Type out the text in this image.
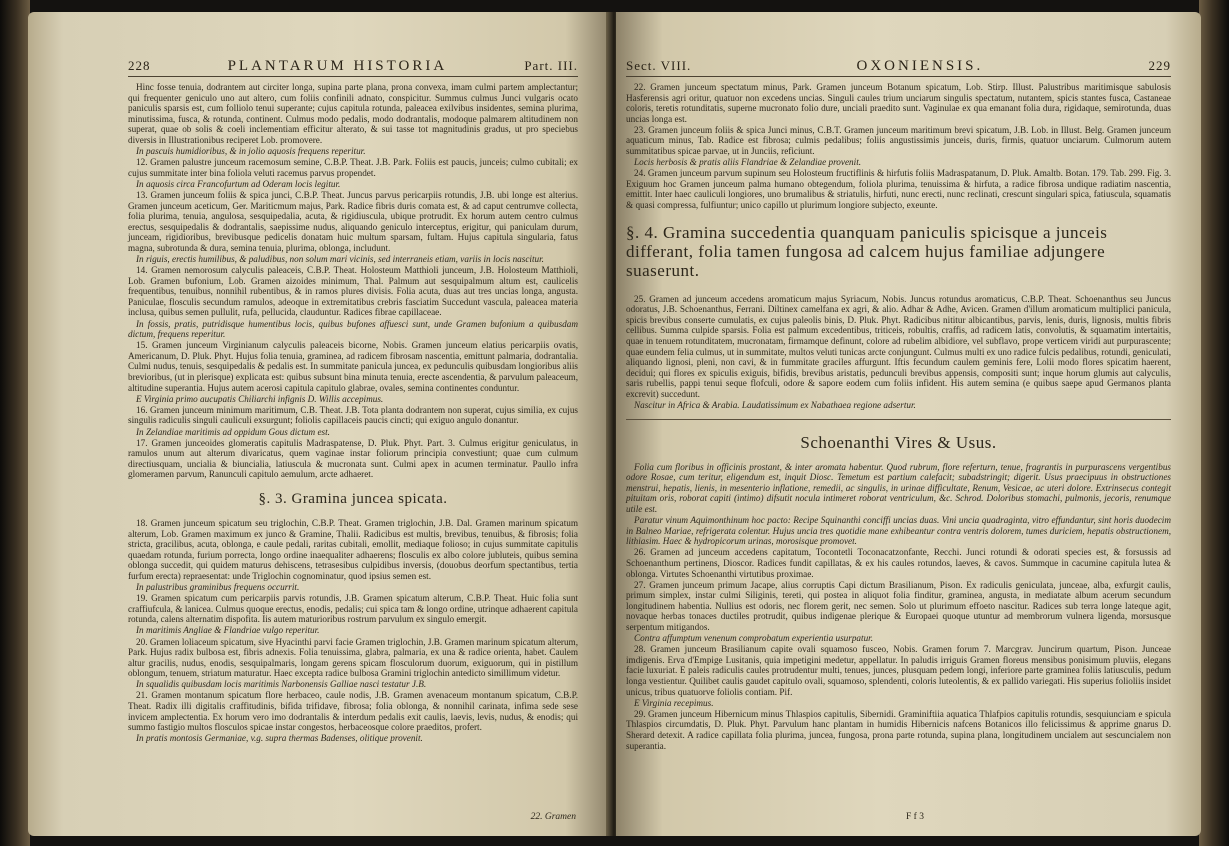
228	PLANTARUM HISTORIA	Part. III.

Hinc fosse tenuia, dodrantem aut circiter longa, supina parte plana, prona convexa, imam culmi partem amplectantur; qui frequenter geniculo uno aut altero, cum foliis confinili adnato, conspicitur. Summus culmus Junci vulgaris ocato paniculis sparsis est, cum folliolo tenui superante; cujus capitula rotunda, paleacea exilvibus insidentes, semina plurima, minutissima, fusca, & rotunda, continent. Culmus modo pedalis, modo dodrantalis, modoque palmarem altitudinem non superat, quae ob solis & coeli inclementiam efficitur alterato, & sui tasse tot magnitudinis gradus, ut pro speciebus diversis in Illustrationibus reciperet Lob. promovere.

In pascuis humidioribus, & in jolio aquosis frequens reperitur.

12. Gramen palustre junceum racemosum semine, C.B.P. Theat. J.B. Park. Foliis est paucis, junceis; culmo cubitali; ex cujus summitate inter bina foliola veluti racemus parvus propendet.

In aquosis circa Francofurtum ad Oderam locis legitur.

13. Gramen junceum foliis & spica junci, C.B.P. Theat. Juncus parvus pericarpiis rotundis, J.B. ubi longe est alterius. Gramen junceum aceticum, Ger. Mariticmum majus, Park. Radice fibris duris comata est, & ad caput centrumve collecta, folia plurima, tenuia, angulosa, sesquipedalia, acuta, & rigidiuscula, ubique protrudit. Ex horum autem centro culmus erectus, sesquipedalis & dodrantalis, saepissime nudus, aliquando geniculo interceptus, erigitur, qui paniculam durum, junceam, rigidioribus, brevibusque pedicelis donatam huic multum sparsam, fultam. Hujus capitula singularia, fatus magna, subrotunda & dura, semina tenuia, plurima, oblonga, includunt.

In riguis, erectis humilibus, & paludibus, non solum mari vicinis, sed interraneis etiam, variis in locis nascitur.

14. Gramen nemorosum calyculis paleaceis, C.B.P. Theat. Holosteum Matthioli junceum, J.B. Holosteum Matthioli, Lob. Gramen bufonium, Lob. Gramen aizoides minimum, Thal. Palmum aut sesquipalmum altum est, caulicelis frequentibus, tenuibus, nonnihil rubentibus, & in ramos plures divisis. Folia acuta, duas aut tres uncias longa, angusta. Paniculae, flosculis secundum ramulos, adeoque in extremitatibus crebris fasciatim Succedunt vascula, paleacea materia inclusa, quibus semen pullulit, rufa, pellucida, clauduntur. Radices fibrae capillaceae.

In fossis, pratis, putridisque humentibus locis, quibus bufones affuesci sunt, unde Gramen bufonium a quibusdam dictum, frequens reperitur.

15. Gramen junceum Virginianum calyculis paleaceis bicorne, Nobis. Gramen junceum elatius pericarpiis ovatis, Americanum, D. Pluk. Phyt. Hujus folia tenuia, graminea, ad radicem fibrosam nascentia, emittunt palmaria, dodrantalia. Culmi nudus, tenuis, sesquipedalis & pedalis est. In summitate panicula juncea, ex pedunculis quibusdam longioribus aliis brevioribus, (ut in plerisque) explicata est: quibus subsunt bina minuta tenuia, erecte ascendentia, & parvulum paleaceum, altitudine superantia. Hujus autem acerosi capitula capitulo glabrae, ovales, semina continentes conduntur.

E Virginia primo aucupatis Chiliarchi infignis D. Willis accepimus.

16. Gramen junceum minimum maritimum, C.B. Theat. J.B. Tota planta dodrantem non superat, cujus similia, ex cujus singulis radiculis singuli cauliculi exsurgunt; foliolis capillaceis paucis cincti; qui exiguo angulo donantur.

In Zelandiae maritimis ad oppidum Gous dictum est.

17. Gramen junceoides glomeratis capitulis Madraspatense, D. Pluk. Phyt. Part. 3. Culmus erigitur geniculatus, in ramulos unum aut alterum divaricatus, quem vaginae instar foliorum principia convestiunt; quae cum culmum directiusquam, uncialia & biuncialia, latiuscula & mucronata sunt. Culmi apex in acumen terminatur. Paullo infra glomeramen parvum, Ranunculi capitulo aemulum, arcte adhaeret.

§. 3. Gramina juncea spicata.

18. Gramen junceum spicatum seu triglochin, C.B.P. Theat. Gramen triglochin, J.B. Dal. Gramen marinum spicatum alterum, Lob. Gramen maximum ex junco & Gramine, Thalii. Radicibus est multis, brevibus, tenuibus, & fibrosis; folia stricta, gracilibus, acuta, oblonga, e caule pedali, raritas cubitali, emollit, mediaque folioso; in cujus summitate capitulis quaedam rotunda, furium porrecta, longo ordine inaequaliter adhaerens; flosculis ex albo colore jubluteis, quibus semina oblonga succedit, qui quidem maturus dehiscens, tetrasesibus culpidibus inversis, (douobus deorfum spectantibus, tertia furfum erecta) repraesentat: unde Triglochin cognominatur, quod ipsius semen est.

In palustribus graminibus frequens occurrit.

19. Gramen spicatum cum pericarpiis parvis rotundis, J.B. Gramen spicatum alterum, C.B.P. Theat. Huic folia sunt craffiufcula, & lanicea. Culmus quoque erectus, enodis, pedalis; cui spica tam & longo ordine, utrinque adhaerent capitula rotunda, calens alternatim dispofita. Iis autem maturioribus rostrum parvulum ex singulo emergit.

In maritimis Angliae & Flandriae vulgo reperitur.

20. Gramen loliaceum spicatum, sive Hyacinthi parvi facie Gramen triglochin, J.B. Gramen marinum spicatum alterum, Park. Hujus radix bulbosa est, fibris adnexis. Folia tenuissima, glabra, palmaria, ex una & radice orienta, habet. Caulem altur gracilis, nudus, enodis, sesquipalmaris, longam gerens spicam flosculorum duorum, exiguorum, qui in pistillum oblongum, tenuem, striatum maturatur. Haec excepta radice bulbosa Gramini triglochin antedicto simillimum videtur.

In squalidis quibusdam locis maritimis Narbonensis Galliae nasci testatur J.B.

21. Gramen montanum spicatum flore herbaceo, caule nodis, J.B. Gramen avenaceum montanum spicatum, C.B.P. Theat. Radix illi digitalis craffitudinis, bifida trifidave, fibrosa; folia oblonga, & nonnihil carinata, infima sede sese invicem amplectentia. Ex horum vero imo dodrantalis & interdum pedalis exit caulis, laevis, levis, nudus, & enodis; qui summo fastigio multos flosculos spicae instar congestos, herbaceosque colore praeditos, profert.

In pratis montosis Germaniae, v.g. supra thermas Badenses, olitique provenit.

22. Gramen
Sect. VIII.	OXONIENSIS.	229

22. Gramen junceum spectatum minus, Park. Gramen junceum Botanum spicatum, Lob. Stirp. Illust. Palustribus maritimisque sabulosis Hasferensis agri oritur, quatuor non excedens uncias. Singuli caules trium unciarum singulis spectatum, nutantem, spicis stantes fusca, Castaneae coloris, teretis rotunditatis, superne mucronato folio dure, unciali praedito sunt. Vaginulae ex qua emanant folia dura, rigidaque, semirotunda, duas uncias longa est.

23. Gramen junceum foliis & spica Junci minus, C.B.T. Gramen junceum maritimum brevi spicatum, J.B. Lob. in Illust. Belg. Gramen junceum aquaticum minus, Tab. Radice est fibrosa; culmis pedalibus; foliis angustissimis junceis, duris, firmis, quatuor unciarum. Culmorum autem summitatibus spicae parvae, ut in Junciis, reficiunt.

Locis herbosis & pratis aliis Flandriae & Zelandiae provenit.

24. Gramen junceum parvum supinum seu Holosteum fructiflinis & hirfutis foliis Madraspatanum, D. Pluk. Amaltb. Botan. 179. Tab. 299. Fig. 3. Exiguum hoc Gramen junceum palma humano obtegendum, foliola plurima, tenuissima & hirfuta, a radice fibrosa undique radiatim nascentia, emittit. Inter haec cauliculi longiores, uno brumalibus & striatulis, hirfuti, nunc erecti, nunc reclinati, crescunt singulari spica, fatiuscula, squamatis & quasi compressa, fulfiuntur; unico capillo ut plurimum longiore subjecto, exeunte.

§. 4. Gramina succedentia quanquam paniculis spicisque a junceis differant, folia tamen fungosa ad calcem hujus familiae adjungere suaserunt.

25. Gramen ad junceum accedens aromaticum majus Syriacum, Nobis. Juncus rotundus aromaticus, C.B.P. Theat. Schoenanthus seu Juncus odoratus, J.B. Schoenanthus, Ferrani. Diltinex camelfana ex agri, & alio. Adhar & Adhe, Avicen. Gramen d'illum aromaticum multiplici panicula, spicis brevibus conserte cumulatis, ex cujus paleolis binis, D. Pluk. Phyt. Radicibus nititur albicantibus, parvis, lenis, duris, lignosis, multis fibris cellibus. Summa culpide sparsis. Folia est palmum excedentibus, triticeis, robultis, craffis, ad radicem latis, convolutis, & squamatim intertaitis, quae in tenuem rotunditatem, mucronatam, firmamque definunt, colore ad rubelim albidiore, vel subflavo, prope verticem viridi aut purpurascente; quae eundem felia culmus, ut in summitate, multos veluti tunicas arcte conjungunt. Culmus multi ex uno radice fulcis pedalibus, rotundi, geniculati, aliquando lignosi, pleni, non cavi, & in fummitate graciles affurgunt. Iftis fecundum caulem geminis fere, Lolii modo flores spicatim haerent, decidui; qui flores ex spiculis exiguis, bifidis, brevibus aristatis, pedunculi brevibus appensis, compositi sunt; inque horum glumis aut calyculis, saris rubellis, pappi tenui seque flofculi, odore & sapore eodem cum foliis infident. His autem semina (e quibus saepe apud Germanos planta excrevit) succedunt.

Nascitur in Africa & Arabia. Laudatissimum ex Nabathaea regione adsertur.

Schoenanthi Vires & Usus.

Folia cum floribus in officinis prostant, & inter aromata habentur. Quod rubrum, flore referturn, tenue, fragrantis in purpurascens vergentibus odore Rosae, cum teritur, eligendum est, inquit Diosc. Temetum est partium calefacit; subadstringit; digerit. Usus praecipuus in obstructiones menstrui, hepatis, lienis, in mesenterio inflatione, remedii, ac singulis, in urinae difficultate, Renum, Vesicae, ac uteri dolore. Extrinsecus contegit pituitam oris, roborat capiti (intimo) difsutit nocula intimeret roborat ventriculum, &c. Schrod. Doloribus stomachi, pulmonis, jecoris, renumque utile est.

Paratur vinum Aquimonthinum hoc pacto: Recipe Squinanthi conciffi uncias duas. Vini uncia quadraginta, vitro effundantur, sint horis duodecim in Balneo Mariae, refrigerata colentur. Hujus uncia tres quotidie mane exhibeantur contra ventris dolorem, tumes duriciem, hepatis obstructionem, lithiasim. Haec & hydropicorum urinas, morosisque promovet.

26. Gramen ad junceum accedens capitatum, Tocontetli Toconacatzonfante, Recchi. Junci rotundi & odorati species est, & forsussis ad Schoenanthum pertinens, Dioscor. Radices fundit capillatas, & ex his caules rotundos, laeves, & cavos. Summque in cacumine capitula lutea & oblonga. Virtutes Schoenanthi virtutibus proximae.

27. Gramen junceum primum Jacape, alius corruptis Capi dictum Brasilianum, Pison. Ex radiculis geniculata, junceae, alba, exfurgit caulis, primum simplex, instar culmi Siliginis, tereti, qui postea in aliquot folia finditur, graminea, angusta, in mediatate album acerum secundum longitudinem habentia. Nullius est odoris, nec florem gerit, nec semen. Solo ut plurimum effoeto nascitur. Radices sub terra longe lateque agit, novaque herbas tonaces ductiles protrudit, quibus indigenae plerique & Europaei quoque utuntur ad membrorum vulnera ligenda, morsusque serpentum mitigandos.

Contra affumptum venenum comprobatum experientia usurpatur.

28. Gramen junceum Brasilianum capite ovali squamoso fusceo, Nobis. Gramen forum 7. Marcgrav. Juncirum quartum, Pison. Junceae imdigenis. Erva d'Empige Lusitanis, quia impetigini medetur, appellatur. In paludis irriguis Gramen floreus mensibus ponisimum pluviis, elegans facie luxuriat. E paleis radiculis caules protrudentur multi, tenues, junces, plusquam pedem longi, inferiore parte graminea foliis latiusculis, pedum longa vestientur. Quilibet caulis gaudet capitulo ovali, squamoso, splendenti, coloris luteolentis, & ex pallido variegati. His superius folioliis insidet unicus, tribus quatuorve foliolis contiam. Pif.

E Virginia recepimus.

29. Gramen junceum Hibernicum minus Thlaspios capitulis, Sibernidi. Graminiftiia aquatica Thlafpios capitulis rotundis, sesquiunciam e spicula Thlaspios circumdatis, D. Pluk. Phyt. Parvulum hanc plantam in humidis Hibernicis nafcens Botanicos illo felicissimus & apprime gnarus D. Sherard detexit. A radice capillata folia plurima, juncea, fungosa, prona parte rotunda, supina plana, longitudinem uncialem aut sescuncialem non superantia.

F f 3
